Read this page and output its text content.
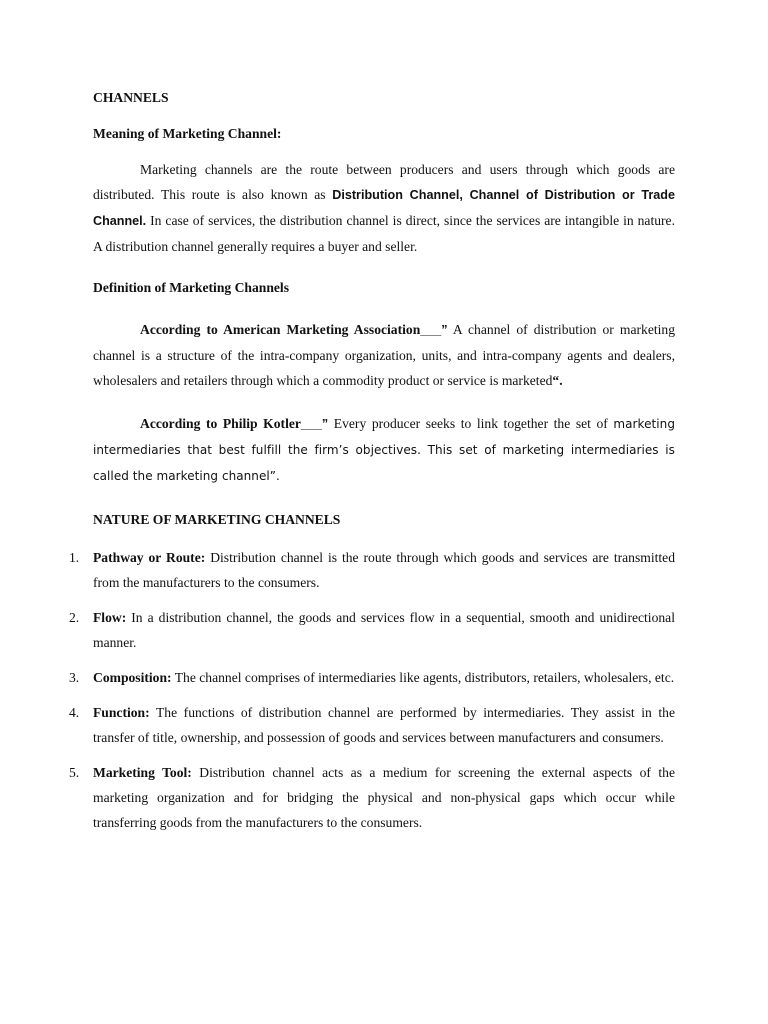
CHANNELS

Meaning of Marketing Channel:

Marketing channels are the route between producers and users through which goods are distributed. This route is also known as Distribution Channel, Channel of Distribution or Trade Channel. In case of services, the distribution channel is direct, since the services are intangible in nature. A distribution channel generally requires a buyer and seller.

Definition of Marketing Channels

According to American Marketing Association___” A channel of distribution or marketing channel is a structure of the intra-company organization, units, and intra-company agents and dealers, wholesalers and retailers through which a commodity product or service is marketed“.

According to Philip Kotler___” Every producer seeks to link together the set of marketing intermediaries that best fulfill the firm’s objectives. This set of marketing intermediaries is called the marketing channel”.

NATURE OF MARKETING CHANNELS

1. Pathway or Route: Distribution channel is the route through which goods and services are transmitted from the manufacturers to the consumers.
2. Flow: In a distribution channel, the goods and services flow in a sequential, smooth and unidirectional manner.
3. Composition: The channel comprises of intermediaries like agents, distributors, retailers, wholesalers, etc.
4. Function: The functions of distribution channel are performed by intermediaries. They assist in the transfer of title, ownership, and possession of goods and services between manufacturers and consumers.
5. Marketing Tool: Distribution channel acts as a medium for screening the external aspects of the marketing organization and for bridging the physical and non-physical gaps which occur while transferring goods from the manufacturers to the consumers.
